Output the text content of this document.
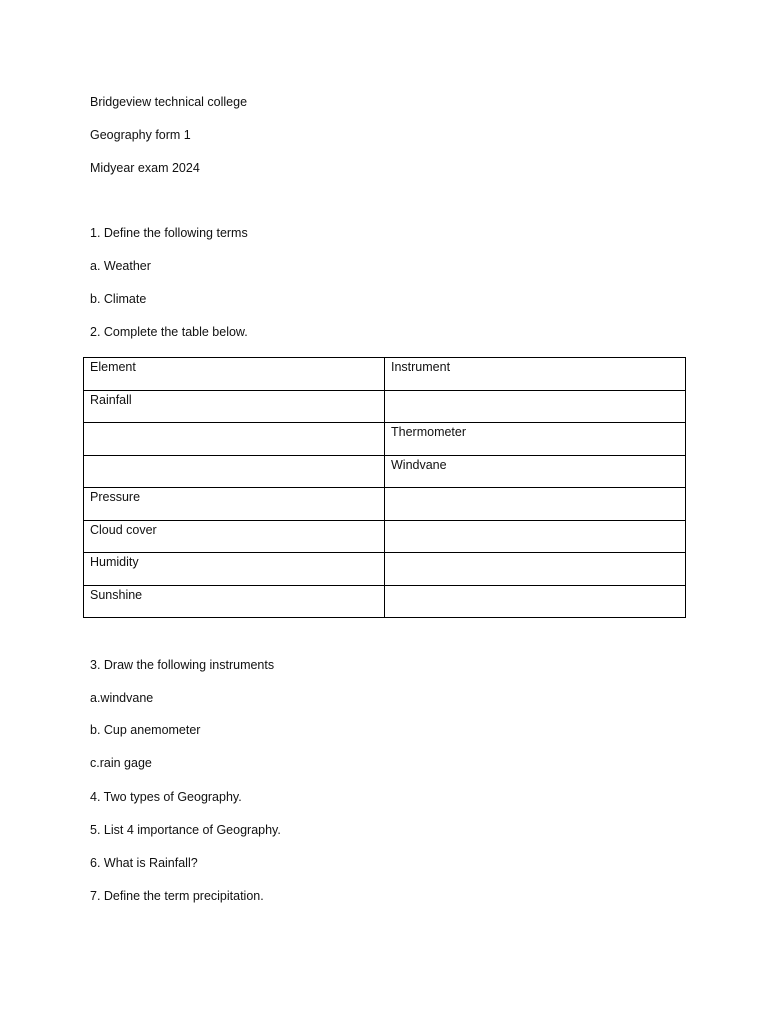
Bridgeview technical college
Geography form 1
Midyear exam 2024
1. Define the following terms
a. Weather
b. Climate
2. Complete the table below.
Element	Instrument
Rainfall	
	Thermometer
	Windvane
Pressure	
Cloud cover	
Humidity	
Sunshine	
3. Draw the following instruments
a.windvane
b. Cup anemometer
c.rain gage
4. Two types of Geography.
5. List 4 importance of Geography.
6. What is Rainfall?
7. Define the term precipitation.
